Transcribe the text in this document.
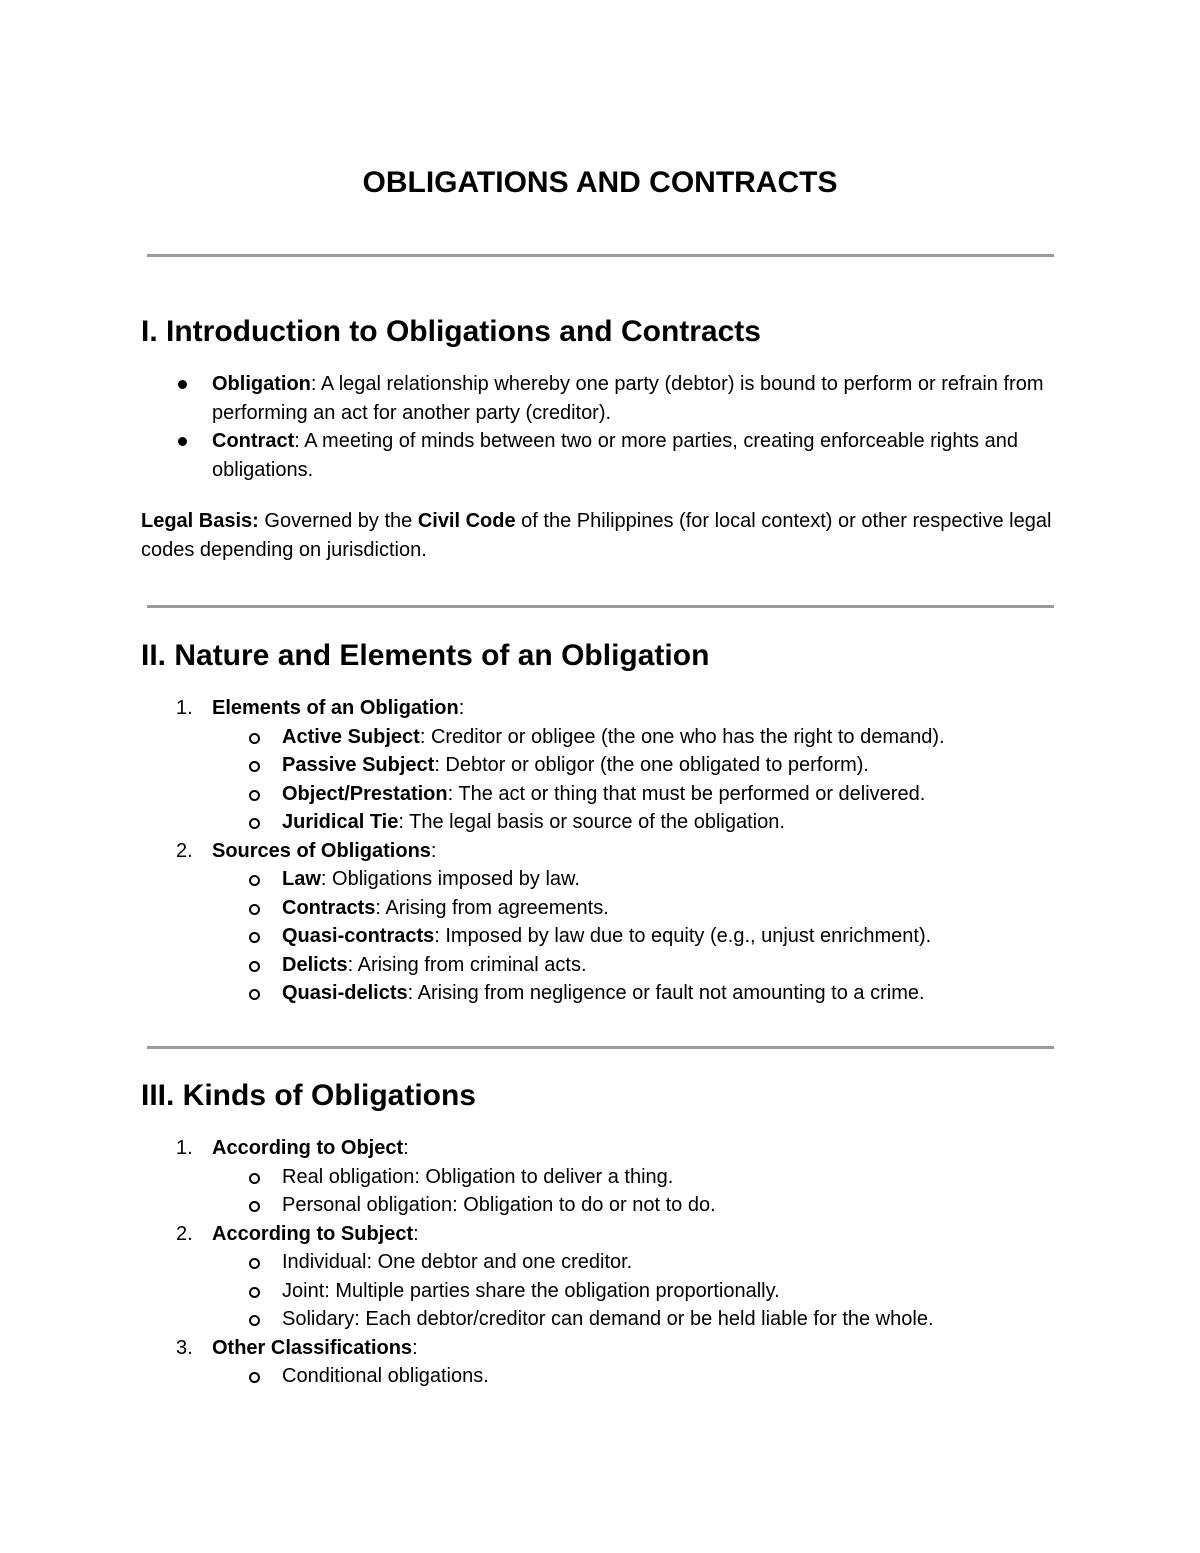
OBLIGATIONS AND CONTRACTS
I. Introduction to Obligations and Contracts
Obligation: A legal relationship whereby one party (debtor) is bound to perform or refrain from performing an act for another party (creditor).
Contract: A meeting of minds between two or more parties, creating enforceable rights and obligations.

Legal Basis: Governed by the Civil Code of the Philippines (for local context) or other respective legal codes depending on jurisdiction.

II. Nature and Elements of an Obligation
1. Elements of an Obligation:
Active Subject: Creditor or obligee (the one who has the right to demand).
Passive Subject: Debtor or obligor (the one obligated to perform).
Object/Prestation: The act or thing that must be performed or delivered.
Juridical Tie: The legal basis or source of the obligation.
2. Sources of Obligations:
Law: Obligations imposed by law.
Contracts: Arising from agreements.
Quasi-contracts: Imposed by law due to equity (e.g., unjust enrichment).
Delicts: Arising from criminal acts.
Quasi-delicts: Arising from negligence or fault not amounting to a crime.
III. Kinds of Obligations
1. According to Object:
Real obligation: Obligation to deliver a thing.
Personal obligation: Obligation to do or not to do.
2. According to Subject:
Individual: One debtor and one creditor.
Joint: Multiple parties share the obligation proportionally.
Solidary: Each debtor/creditor can demand or be held liable for the whole.
3. Other Classifications:
Conditional obligations.
